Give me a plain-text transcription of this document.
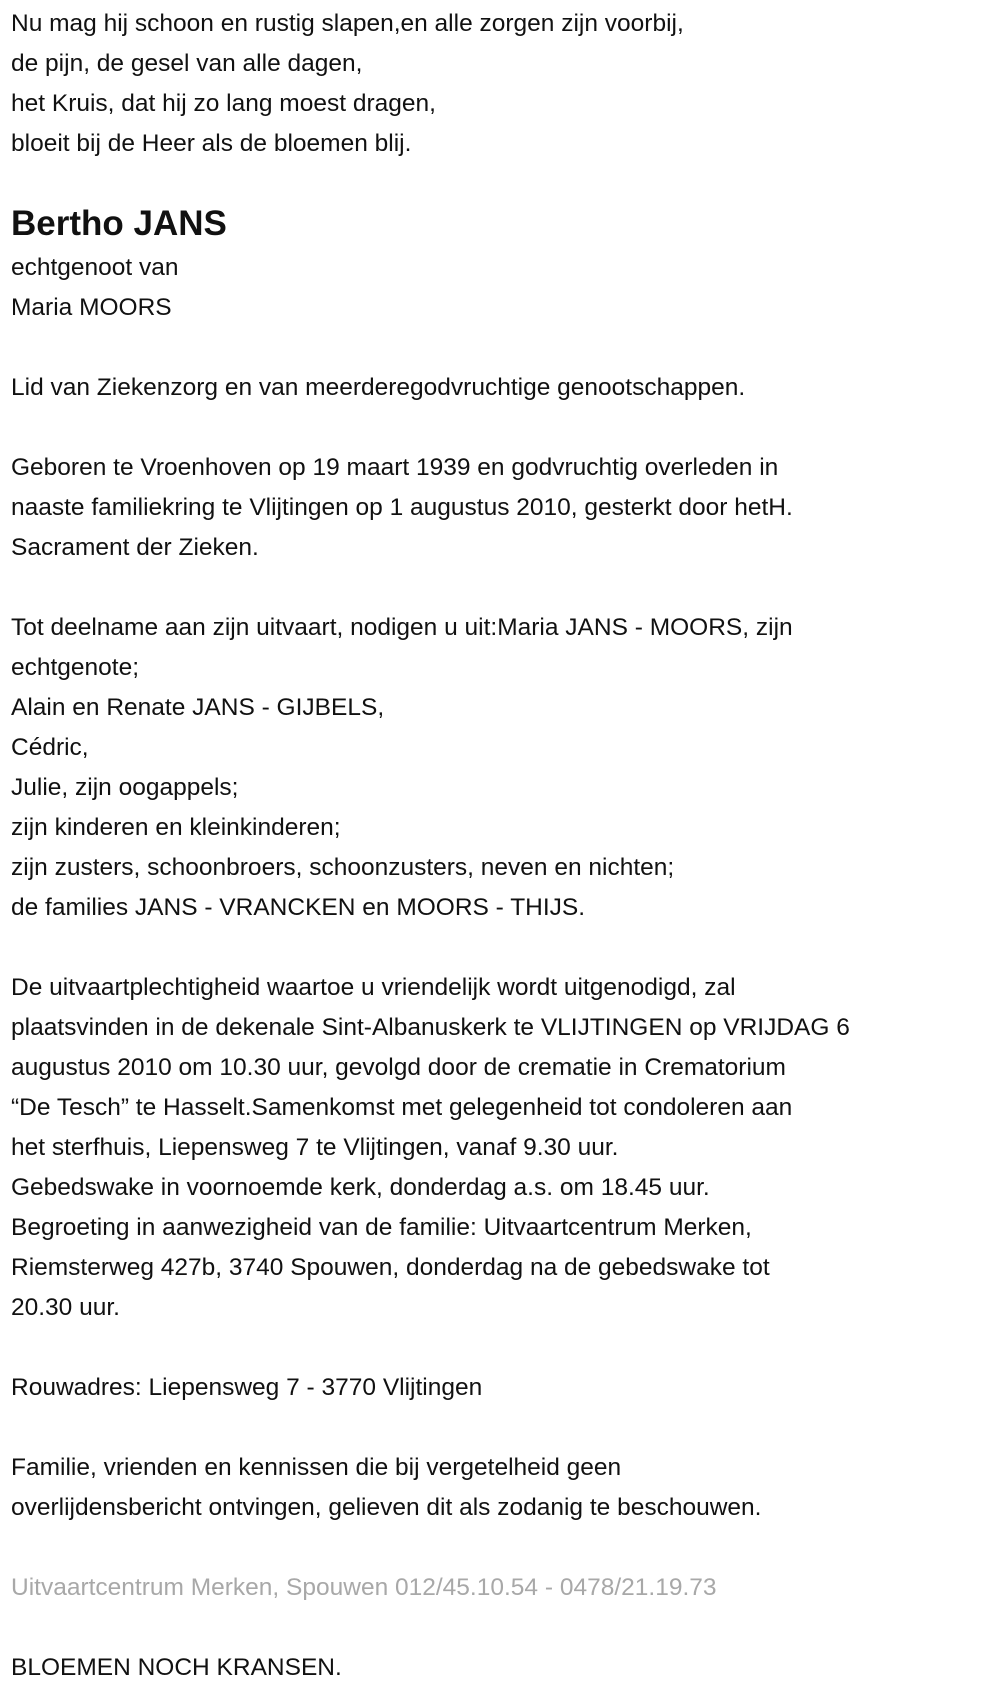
Nu mag hij schoon en rustig slapen,en alle zorgen zijn voorbij,
de pijn, de gesel van alle dagen,
het Kruis, dat hij zo lang moest dragen,
bloeit bij de Heer als de bloemen blij.
Bertho JANS
echtgenoot van
Maria MOORS
Lid van Ziekenzorg en van meerderegodvruchtige genootschappen.
Geboren te Vroenhoven op 19 maart 1939 en godvruchtig overleden in
naaste familiekring te Vlijtingen op 1 augustus 2010, gesterkt door hetH.
Sacrament der Zieken.
Tot deelname aan zijn uitvaart, nodigen u uit:Maria JANS - MOORS, zijn
echtgenote;
Alain en Renate JANS - GIJBELS,
Cédric,
Julie, zijn oogappels;
zijn kinderen en kleinkinderen;
zijn zusters, schoonbroers, schoonzusters, neven en nichten;
de families JANS - VRANCKEN en MOORS - THIJS.
De uitvaartplechtigheid waartoe u vriendelijk wordt uitgenodigd, zal
plaatsvinden in de dekenale Sint-Albanuskerk te VLIJTINGEN op VRIJDAG 6
augustus 2010 om 10.30 uur, gevolgd door de crematie in Crematorium
“De Tesch” te Hasselt.Samenkomst met gelegenheid tot condoleren aan
het sterfhuis, Liepensweg 7 te Vlijtingen, vanaf 9.30 uur.
Gebedswake in voornoemde kerk, donderdag a.s. om 18.45 uur.
Begroeting in aanwezigheid van de familie: Uitvaartcentrum Merken,
Riemsterweg 427b, 3740 Spouwen, donderdag na de gebedswake tot
20.30 uur.
Rouwadres: Liepensweg 7 - 3770 Vlijtingen
Familie, vrienden en kennissen die bij vergetelheid geen
overlijdensbericht ontvingen, gelieven dit als zodanig te beschouwen.
Uitvaartcentrum Merken, Spouwen 012/45.10.54 - 0478/21.19.73
BLOEMEN NOCH KRANSEN.
